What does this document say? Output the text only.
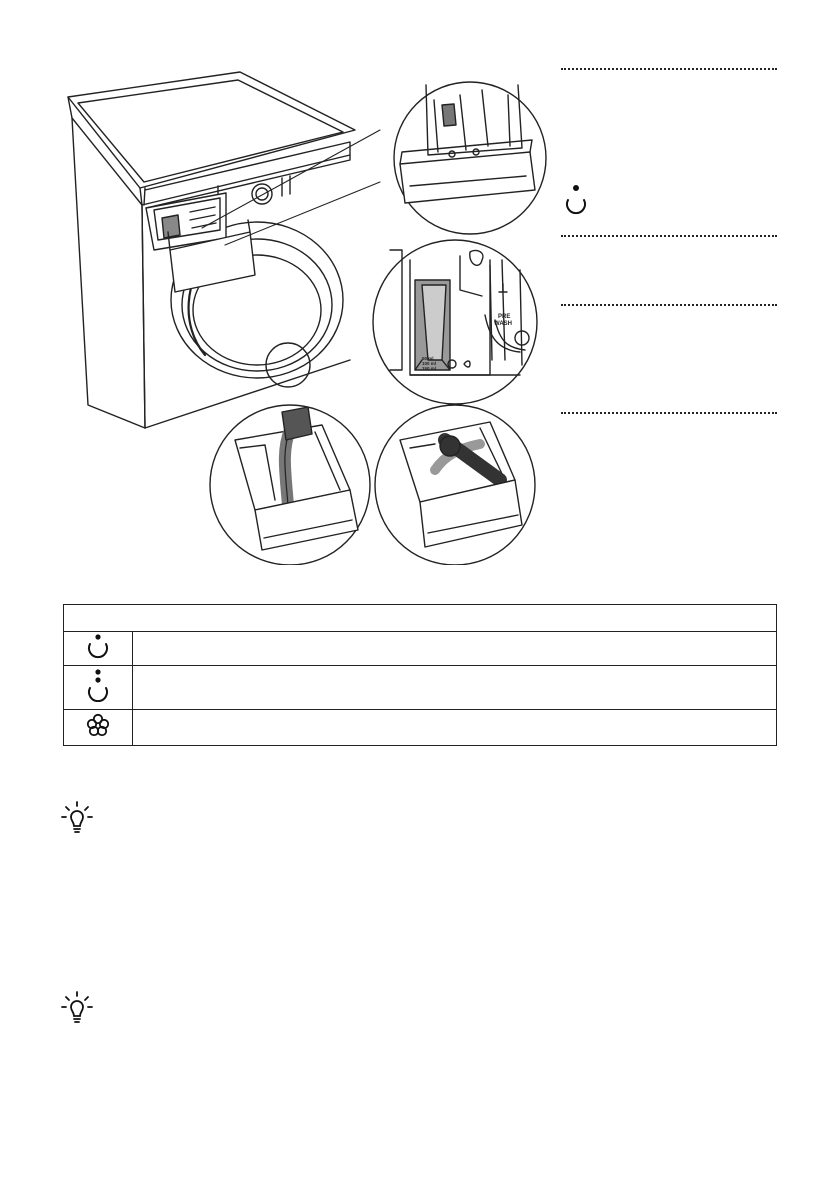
PRE
WASH
50 ml
100 ml
150 ml
